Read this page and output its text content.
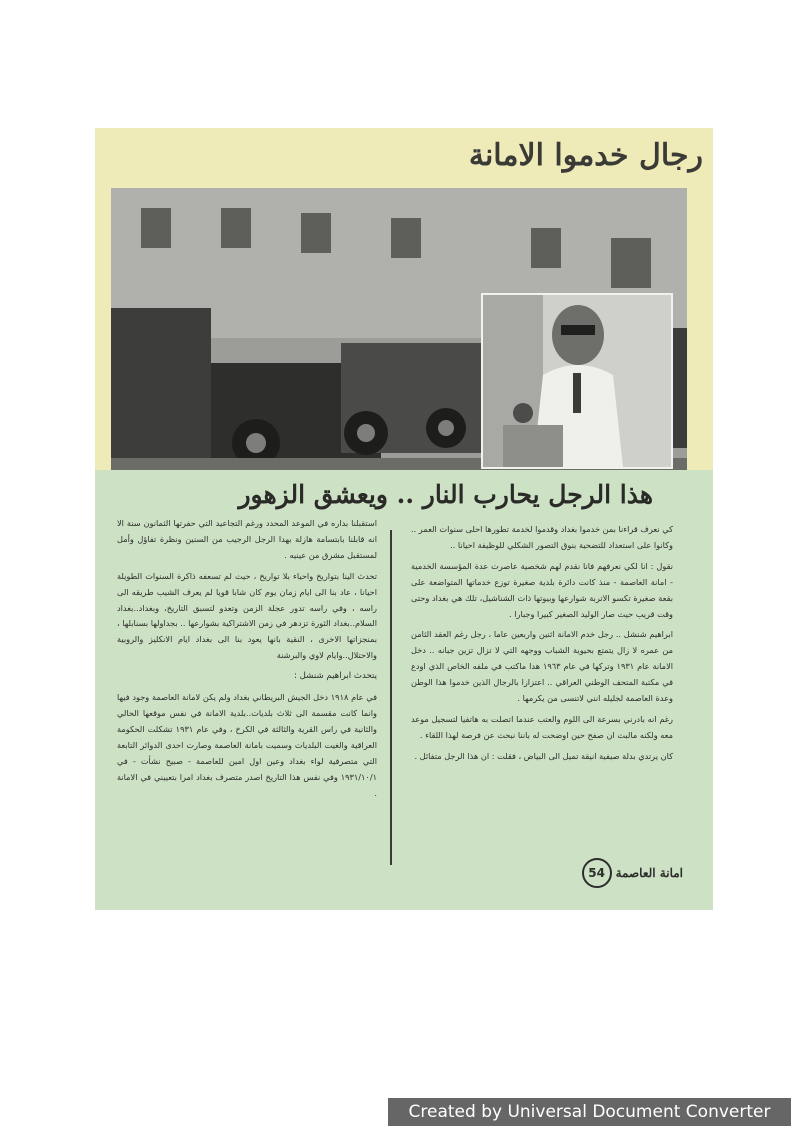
رجال خدموا الامانة
هذا الرجل يحارب النار .. ويعشق الزهور

كي نعرف قراءنا بمن خدموا بغداد وقدموا لخدمة تطورها احلى سنوات العمر .. وكانوا على استعداد للتضحية بنوق التصور الشكلي للوظيفة احيانا ..

نقول : انا لكي نعرفهم فانا نقدم لهم شخصية عاصرت عدة المؤسسة الخدمية - امانة العاصمة - منذ كانت دائرة بلدية صغيرة توزع خدماتها المتواضعة على بقعة صغيرة تكسو الاتربة شوارعها وبيوتها ذات الشناشيل، تلك هي بغداد وحتى وقت قريب حيث صار الوليد الصغير كبيرا وجبارا .

ابراهيم شنشل .. رجل خدم الامانة اثنين واربعين عاما ، رجل رغم العقد الثامن من عمره لا زال يتمتع بحيوية الشباب ووجهه التي لا تزال تزين جبانه .. دخل الامانة عام ١٩٣١ وتركها في عام ١٩٦٣ هدا ماكتب في ملفه الخاص الذي اودع في مكتبة المتحف الوطني العراقي .. اعتزازا بالرجال الذين خدموا هذا الوطن وعدة العاصمة لجليله انني لاتنسى من يكرمها .

رغم انه بادرني بسرعة الى اللوم والعتب عندما اتصلت به هاتفيا لتسجيل موعد معه ولكنه مالبث ان صفح حين اوضحت له باننا نبحث عن فرصة لهذا اللقاء .

كان يرتدي بدلة صيفية انيقة تميل الى البياض ، فقلت : ان هذا الرجل متفائل .

استقبلنا بداره في الموعد المحدد ورغم التجاعيد التي حفرتها الثمانون سنة الا انه قابلنا بابتسامة هازلة بهدا الرجل الرجيب من السنين ونظرة تفاؤل وأمل لمستقبل مشرق من عينيه .

تحدث الينا بتواريخ واحياء بلا تواريخ ، حيث لم تسعفه ذاكرة السنوات الطويلة احيانا ، عاد بنا الى ايام زمان يوم كان شابا قويا لم يعرف الشيب طريقه الى راسه ، وفي راسه تدور عجلة الزمن وتعدو لتسبق التاريخ، وبغداد..بغداد السلام..بغداد الثورة تزدهر في زمن الاشتراكية بشوارعها .. بجداولها بسنابلها ، بمنجزاتها الاخرى ، النقية بانها يعود بنا الى بغداد ايام الانكليز والروبية والاحتلال..وايام لاوي والبرشنة

يتحدث ابراهيم شنشل :

في عام ١٩١٨ دخل الجيش البريطاني بغداد ولم يكن لامانة العاصمة وجود فيها وانما كانت مقسمة الى ثلاث بلديات..بلدية الامانة في نفس موقعها الحالي والثانية في راس القرية والثالثة في الكرخ ، وفي عام ١٩٣١ تشكلت الحكومة العراقية والغيت البلديات وسميت بامانة العاصمة وصارت احدى الدوائر التابعة التي متصرفية لواء بغداد وعين اول امين للعاصمة - صبيح نشأت - في ١٩٣١/١٠/١ وفي نفس هذا التاريخ اصدر متصرف بغداد امرا بتعييني في الامانة .

امانة العاصمة
54
Created by Universal Document Converter
